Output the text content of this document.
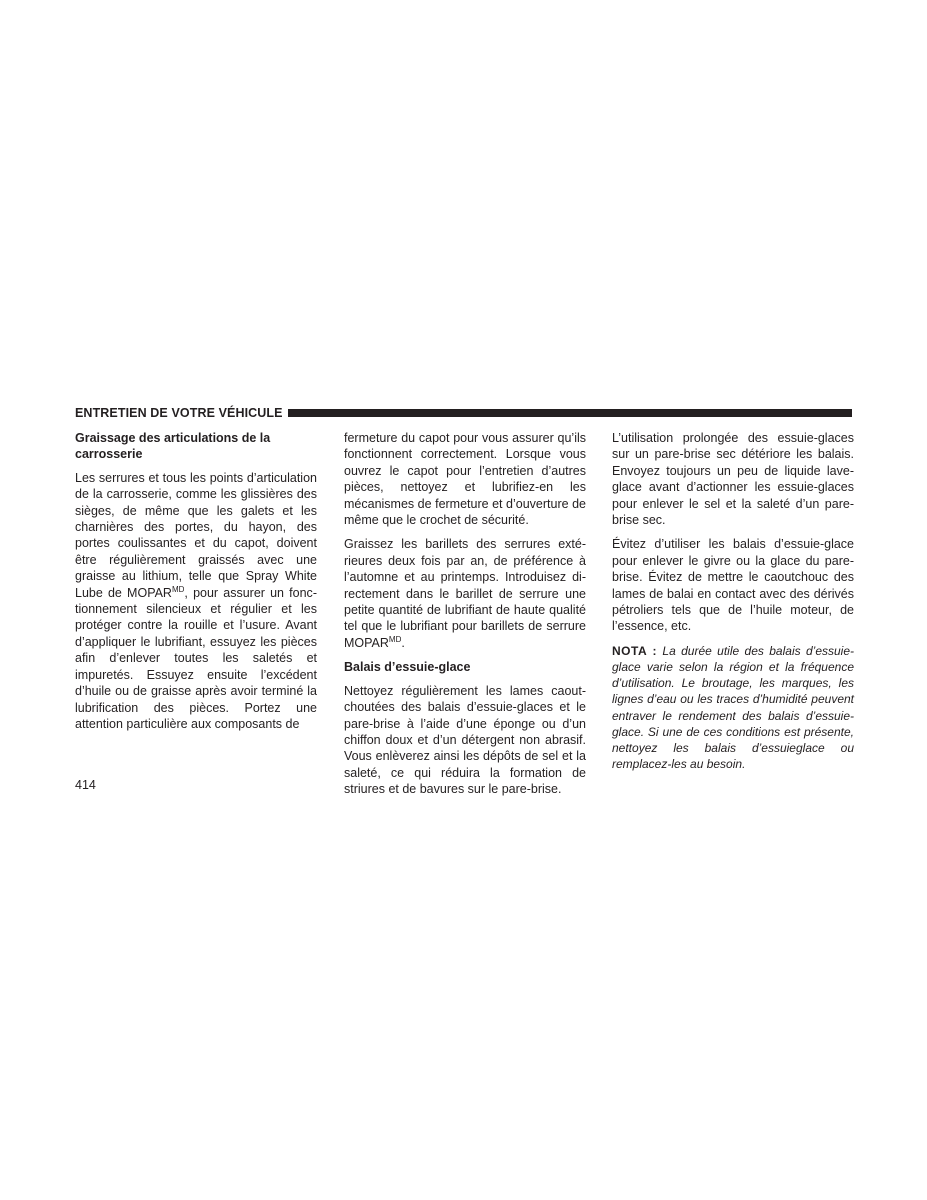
ENTRETIEN DE VOTRE VÉHICULE
Graissage des articulations de la carrosserie

Les serrures et tous les points d’articulation de la carrosserie, comme les glissières des sièges, de même que les galets et les charnières des portes, du hayon, des portes coulissantes et du capot, doivent être régulièrement graissés avec une graisse au lithium, telle que Spray White Lube de $MOPAR^{MD}$, pour assurer un fonctionnement silencieux et régulier et les protéger contre la rouille et l’usure. Avant d’appliquer le lubrifiant, essuyez les pièces afin d’enlever toutes les saletés et impuretés. Essuyez ensuite l’excédent d’huile ou de graisse après avoir terminé la lubrification des pièces. Portez une attention particulière aux composants de

fermeture du capot pour vous assurer qu’ils fonctionnent correctement. Lorsque vous ouvrez le capot pour l’entretien d’autres pièces, nettoyez et lubrifiez-en les mécanismes de fermeture et d’ouverture de même que le crochet de sécurité.

Graissez les barillets des serrures extérieures deux fois par an, de préférence à l’automne et au printemps. Introduisez directement dans le barillet de serrure une petite quantité de lubrifiant de haute qualité tel que le lubrifiant pour barillets de serrure $MOPAR^{MD}$.

Balais d’essuie-glace

Nettoyez régulièrement les lames caoutchoutées des balais d’essuie-glaces et le pare-brise à l’aide d’une éponge ou d’un chiffon doux et d’un détergent non abrasif. Vous enlèverez ainsi les dépôts de sel et la saleté, ce qui réduira la formation de striures et de bavures sur le pare-brise.

L’utilisation prolongée des essuie-glaces sur un pare-brise sec détériore les balais. Envoyez toujours un peu de liquide lave-glace avant d’actionner les essuie-glaces pour enlever le sel et la saleté d’un pare-brise sec.

Évitez d’utiliser les balais d’essuie-glace pour enlever le givre ou la glace du parebrise. Évitez de mettre le caoutchouc des lames de balai en contact avec des dérivés pétroliers tels que de l’huile moteur, de l’essence, etc.

NOTA : La durée utile des balais d’essuie-glace varie selon la région et la fréquence d’utilisation. Le broutage, les marques, les lignes d’eau ou les traces d’humidité peuvent entraver le rendement des balais d’essuie-glace. Si une de ces conditions est présente, nettoyez les balais d’essuieglace ou remplacez-les au besoin.

414
